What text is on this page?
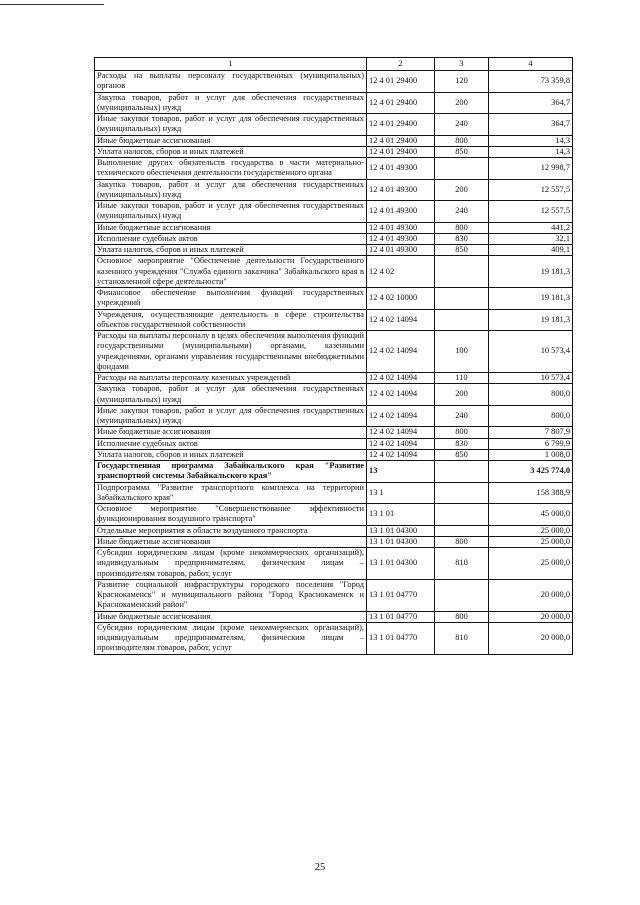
1	2	3	4
Расходы на выплаты персоналу государственных (муниципальных) органов	12 4 01 29400	120	73 359,8
Закупка товаров, работ и услуг для обеспечения государственных (муниципальных) нужд	12 4 01 29400	200	364,7
Иные закупки товаров, работ и услуг для обеспечения государственных (муниципальных) нужд	12 4 01 29400	240	364,7
Иные бюджетные ассигнования	12 4 01 29400	800	14,3
Уплата налогов, сборов и иных платежей	12 4 01 29400	850	14,3
Выполнение других обязательств государства в части материально-технического обеспечения деятельности государственного органа	12 4 01 49300		12 998,7
Закупка товаров, работ и услуг для обеспечения государственных (муниципальных) нужд	12 4 01 49300	200	12 557,5
Иные закупки товаров, работ и услуг для обеспечения государственных (муниципальных) нужд	12 4 01 49300	240	12 557,5
Иные бюджетные ассигнования	12 4 01 49300	800	441,2
Исполнение судебных актов	12 4 01 49300	830	32,1
Уплата налогов, сборов и иных платежей	12 4 01 49300	850	409,1
Основное мероприятие "Обеспечение деятельности Государственного казенного учреждения "Служба единого заказчика" Забайкальского края в установленной сфере деятельности"	12 4 02		19 181,3
Финансовое обеспечение выполнения функций государственных учреждений	12 4 02 10000		19 181,3
Учреждения, осуществляющие деятельность в сфере строительства объектов государственной собственности	12 4 02 14094		19 181,3
Расходы на выплаты персоналу в целях обеспечения выполнения функций государственными (муниципальными) органами, казенными учреждениями, органами управления государственными внебюджетными фондами	12 4 02 14094	100	10 573,4
Расходы на выплаты персоналу казенных учреждений	12 4 02 14094	110	10 573,4
Закупка товаров, работ и услуг для обеспечения государственных (муниципальных) нужд	12 4 02 14094	200	800,0
Иные закупки товаров, работ и услуг для обеспечения государственных (муниципальных) нужд	12 4 02 14094	240	800,0
Иные бюджетные ассигнования	12 4 02 14094	800	7 807,9
Исполнение судебных актов	12 4 02 14094	830	6 799,9
Уплата налогов, сборов и иных платежей	12 4 02 14094	850	1 008,0
Государственная программа Забайкальского края "Развитие транспортной системы Забайкальского края"	13		3 425 774,0
Подпрограмма "Развитие транспортного комплекса на территории Забайкальского края"	13 1		158 388,9
Основное мероприятие "Совершенствование эффективности функционирования воздушного транспорта"	13 1 01		45 000,0
Отдельные мероприятия в области воздушного транспорта	13 1 01 04300		25 000,0
Иные бюджетные ассигнования	13 1 01 04300	800	25 000,0
Субсидии юридическим лицам (кроме некоммерческих организаций), индивидуальным предпринимателям, физическим лицам – производителям товаров, работ, услуг	13 1 01 04300	810	25 000,0
Развитие социальной инфраструктуры городского поселения "Город Краснокаменск" и муниципального района "Город Краснокаменск и Краснокаменский район"	13 1 01 04770		20 000,0
Иные бюджетные ассигнования	13 1 01 04770	800	20 000,0
Субсидии юридическим лицам (кроме некоммерческих организаций), индивидуальным предпринимателям, физическим лицам – производителям товаров, работ, услуг	13 1 01 04770	810	20 000,0
25
